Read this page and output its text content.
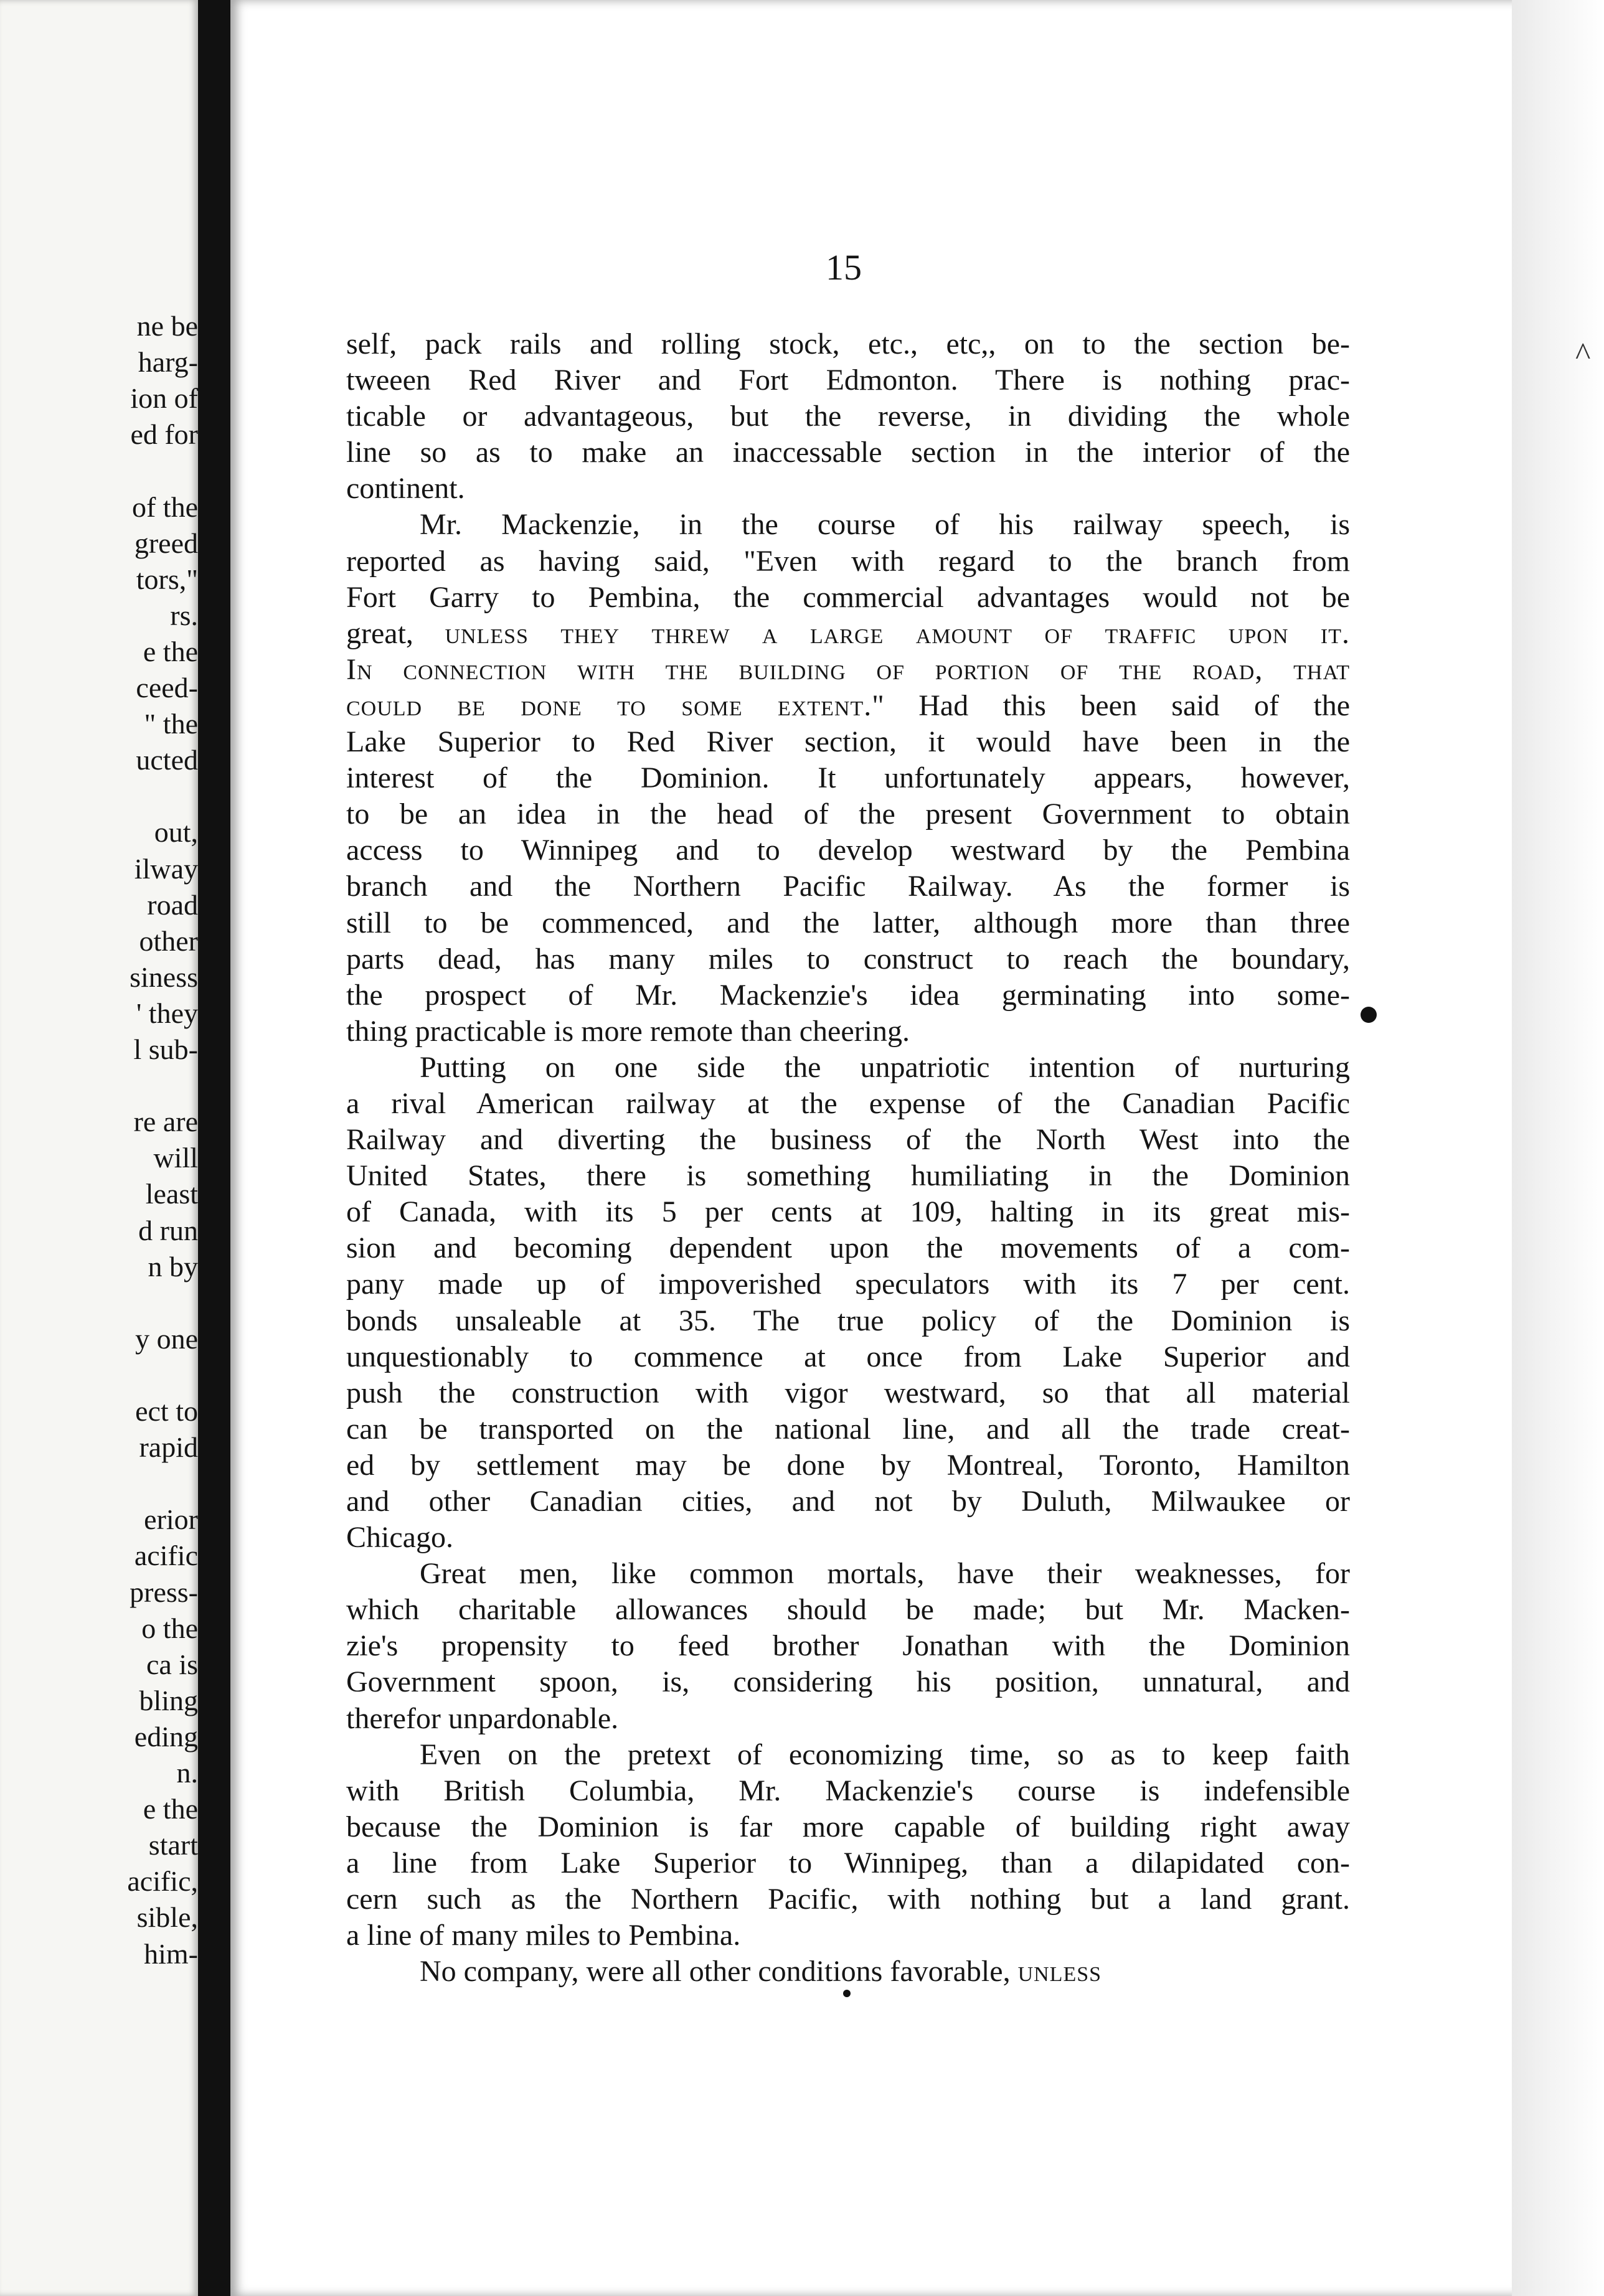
ne be
harg-
ion of
ed for
of the
greed
tors,"
rs.
e the
ceed-
" the
ucted
out,
ilway
road
other
siness
' they
l sub-
re are
will
least
d run
n by
y one
ect to
rapid
erior
acific
press-
o the
ca is
bling
eding
n.
e the
start
acific,
sible,
him-
15
self, pack rails and rolling stock, etc., etc,, on to the section be-
tweeen Red River and Fort Edmonton. There is nothing prac-
ticable or advantageous, but the reverse, in dividing the whole
line so as to make an inaccessable section in the interior of the
continent.
Mr. Mackenzie, in the course of his railway speech, is
reported as having said, "Even with regard to the branch from
Fort Garry to Pembina, the commercial advantages would not be
great, unless they threw a large amount of traffic upon it.
In connection with the building of portion of the road, that
could be done to some extent." Had this been said of the
Lake Superior to Red River section, it would have been in the
interest of the Dominion. It unfortunately appears, however,
to be an idea in the head of the present Government to obtain
access to Winnipeg and to develop westward by the Pembina
branch and the Northern Pacific Railway. As the former is
still to be commenced, and the latter, although more than three
parts dead, has many miles to construct to reach the boundary,
the prospect of Mr. Mackenzie's idea germinating into some-
thing practicable is more remote than cheering.
Putting on one side the unpatriotic intention of nurturing
a rival American railway at the expense of the Canadian Pacific
Railway and diverting the business of the North West into the
United States, there is something humiliating in the Dominion
of Canada, with its 5 per cents at 109, halting in its great mis-
sion and becoming dependent upon the movements of a com-
pany made up of impoverished speculators with its 7 per cent.
bonds unsaleable at 35. The true policy of the Dominion is
unquestionably to commence at once from Lake Superior and
push the construction with vigor westward, so that all material
can be transported on the national line, and all the trade creat-
ed by settlement may be done by Montreal, Toronto, Hamilton
and other Canadian cities, and not by Duluth, Milwaukee or
Chicago.
Great men, like common mortals, have their weaknesses, for
which charitable allowances should be made; but Mr. Macken-
zie's propensity to feed brother Jonathan with the Dominion
Government spoon, is, considering his position, unnatural, and
therefor unpardonable.
Even on the pretext of economizing time, so as to keep faith
with British Columbia, Mr. Mackenzie's course is indefensible
because the Dominion is far more capable of building right away
a line from Lake Superior to Winnipeg, than a dilapidated con-
cern such as the Northern Pacific, with nothing but a land grant.
a line of many miles to Pembina.
No company, were all other conditions favorable, unless
^
